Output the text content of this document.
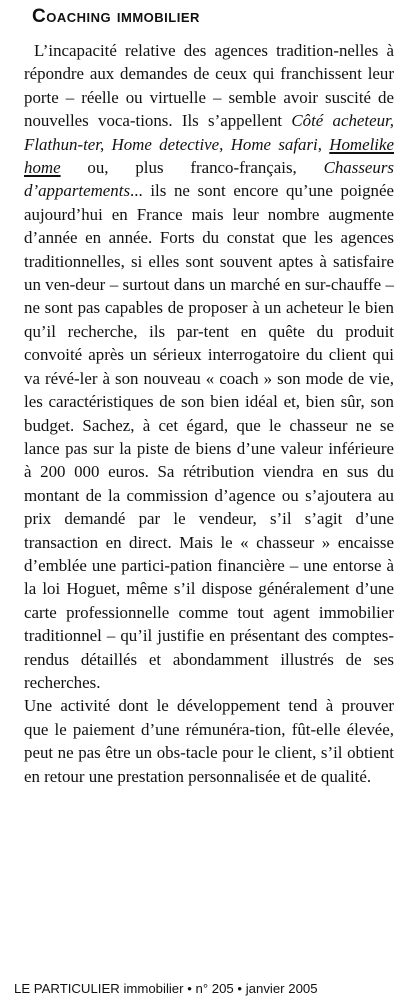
Coaching immobilier

L’incapacité relative des agences tradition-nelles à répondre aux demandes de ceux qui franchissent leur porte – réelle ou virtuelle – semble avoir suscité de nouvelles voca-tions. Ils s’appellent Côté acheteur, Flathun-ter, Home detective, Home safari, Homelike home ou, plus franco-français, Chasseurs d’appartements... ils ne sont encore qu’une poignée aujourd’hui en France mais leur nombre augmente d’année en année. Forts du constat que les agences traditionnelles, si elles sont souvent aptes à satisfaire un ven-deur – surtout dans un marché en sur-chauffe – ne sont pas capables de proposer à un acheteur le bien qu’il recherche, ils par-tent en quête du produit convoité après un sérieux interrogatoire du client qui va révé-ler à son nouveau « coach » son mode de vie, les caractéristiques de son bien idéal et, bien sûr, son budget. Sachez, à cet égard, que le chasseur ne se lance pas sur la piste de biens d’une valeur inférieure à 200 000 euros. Sa rétribution viendra en sus du montant de la commission d’agence ou s’ajoutera au prix demandé par le vendeur, s’il s’agit d’une transaction en direct. Mais le « chasseur » encaisse d’emblée une partici-pation financière – une entorse à la loi Hoguet, même s’il dispose généralement d’une carte professionnelle comme tout agent immobilier traditionnel – qu’il justifie en présentant des comptes-rendus détaillés et abondamment illustrés de ses recherches.

Une activité dont le développement tend à prouver que le paiement d’une rémunéra-tion, fût-elle élevée, peut ne pas être un obs-tacle pour le client, s’il obtient en retour une prestation personnalisée et de qualité.

LE PARTICULIER immobilier • n° 205 • janvier 2005
